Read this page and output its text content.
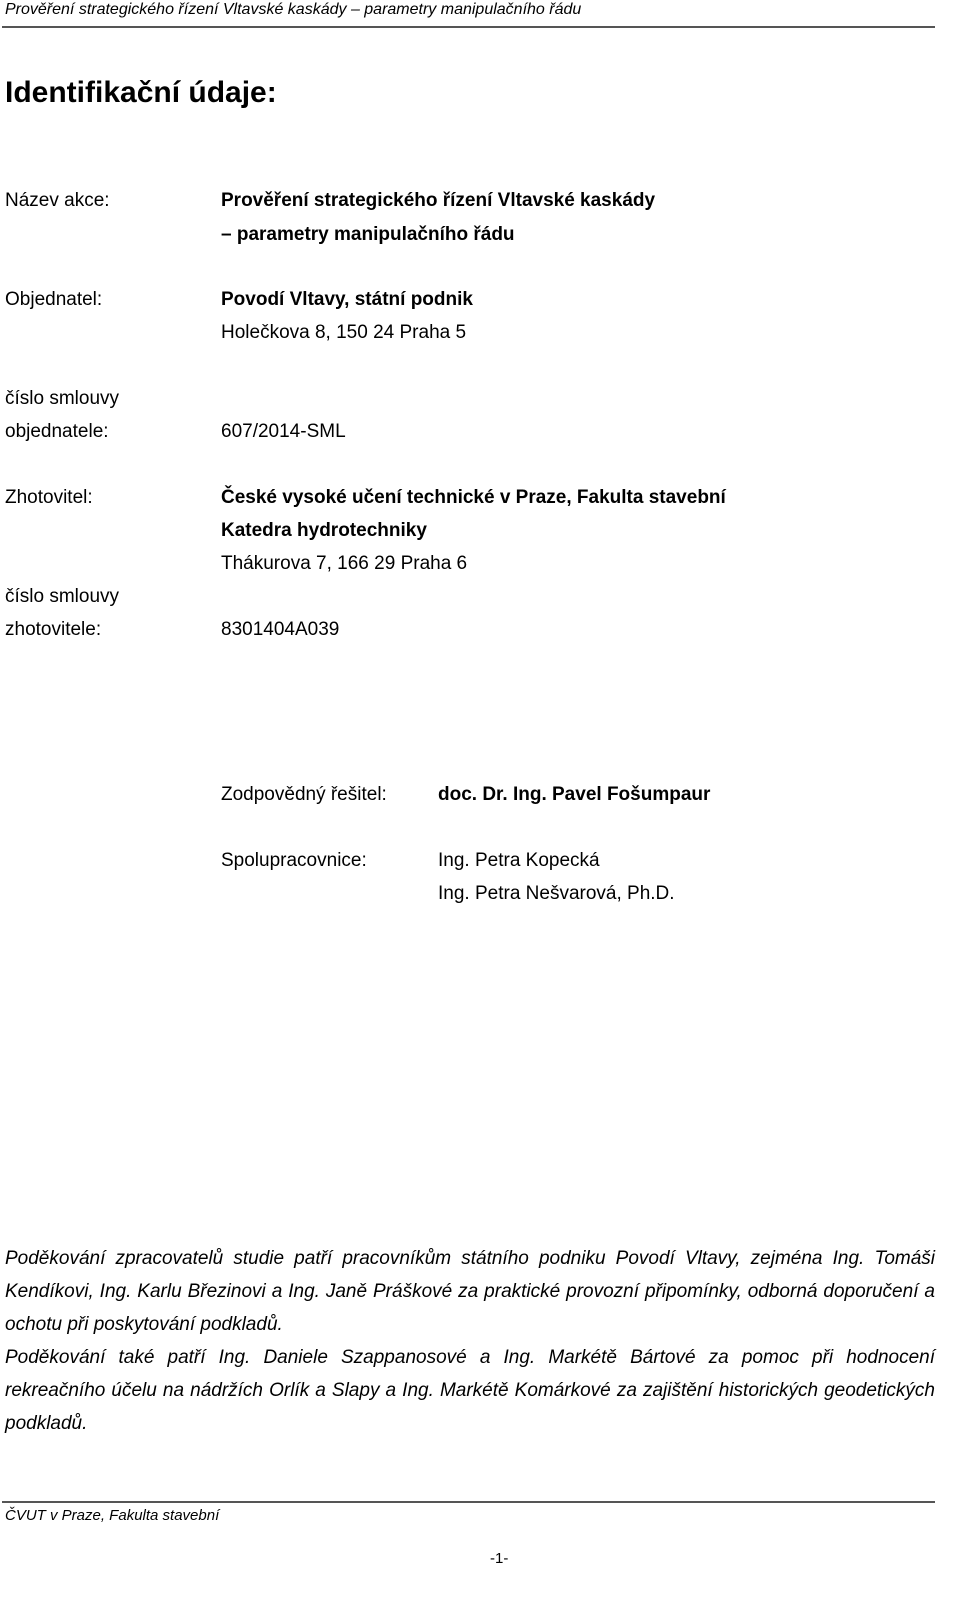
Prověření strategického řízení Vltavské kaskády – parametry manipulačního řádu
Identifikační údaje:
Název akce:	Prověření strategického řízení Vltavské kaskády
– parametry manipulačního řádu
Objednatel:	Povodí Vltavy, státní podnik
Holečkova 8, 150 24 Praha 5
číslo smlouvy
objednatele:	607/2014-SML
Zhotovitel:	České vysoké učení technické v Praze, Fakulta stavební
Katedra hydrotechniky
Thákurova 7, 166 29 Praha 6
číslo smlouvy
zhotovitele:	8301404A039
Zodpovědný řešitel:	doc. Dr. Ing. Pavel Fošumpaur
Spolupracovnice:	Ing. Petra Kopecká
Ing. Petra Nešvarová, Ph.D.

Poděkování zpracovatelů studie patří pracovníkům státního podniku Povodí Vltavy, zejména Ing. Tomáši Kendíkovi, Ing. Karlu Březinovi a Ing. Janě Práškové za praktické provozní připomínky, odborná doporučení a ochotu při poskytování podkladů.

Poděkování také patří Ing. Daniele Szappanosové a Ing. Markétě Bártové za pomoc při hodnocení rekreačního účelu na nádržích Orlík a Slapy a Ing. Markétě Komárkové za zajištění historických geodetických podkladů.

ČVUT v Praze, Fakulta stavební
-1-
